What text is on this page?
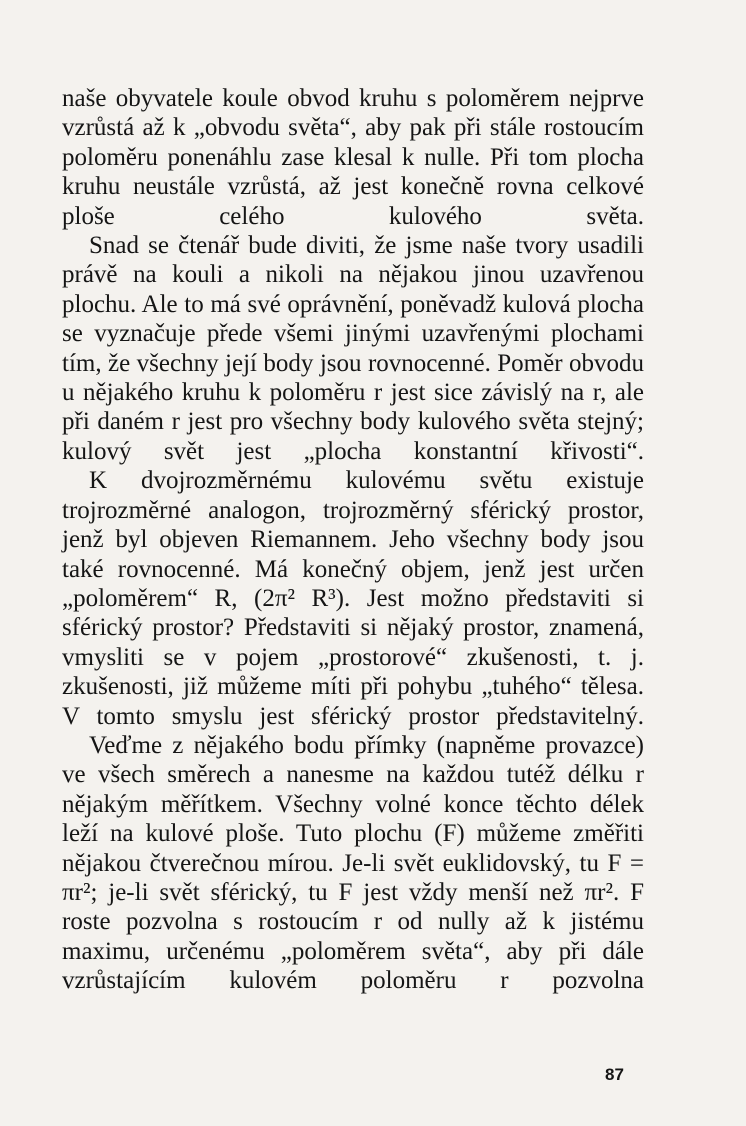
naše obyvatele koule obvod kruhu s poloměrem nejprve vzrůstá až k „obvodu světa“, aby pak při stále rostoucím poloměru ponenáhlu zase klesal k nulle. Při tom plocha kruhu neustále vzrůstá, až jest konečně rovna celkové ploše celého kulového světa.

Snad se čtenář bude diviti, že jsme naše tvory usadili právě na kouli a nikoli na nějakou jinou uzavřenou plochu. Ale to má své oprávnění, poněvadž kulová plocha se vyznačuje přede všemi jinými uzavřenými plochami tím, že všechny její body jsou rovnocenné. Poměr obvodu u nějakého kruhu k poloměru r jest sice závislý na r, ale při daném r jest pro všechny body kulového světa stejný; kulový svět jest „plocha konstantní křivosti“.

K dvojrozměrnému kulovému světu existuje trojrozměrné analogon, trojrozměrný sférický prostor, jenž byl objeven Riemannem. Jeho všechny body jsou také rovnocenné. Má konečný objem, jenž jest určen „poloměrem“ R, (2π² R³). Jest možno představiti si sférický prostor? Představiti si nějaký prostor, znamená, vmysliti se v pojem „prostorové“ zkušenosti, t. j. zkušenosti, již můžeme míti při pohybu „tuhého“ tělesa. V tomto smyslu jest sférický prostor představitelný.

Veďme z nějakého bodu přímky (napněme provazce) ve všech směrech a nanesme na každou tutéž délku r nějakým měřítkem. Všechny volné konce těchto délek leží na kulové ploše. Tuto plochu (F) můžeme změřiti nějakou čtverečnou mírou. Je-li svět euklidovský, tu F = πr²; je-li svět sférický, tu F jest vždy menší než πr². F roste pozvolna s rostoucím r od nully až k jistému maximu, určenému „poloměrem světa“, aby při dále vzrůstajícím kulovém poloměru r pozvolna

87
